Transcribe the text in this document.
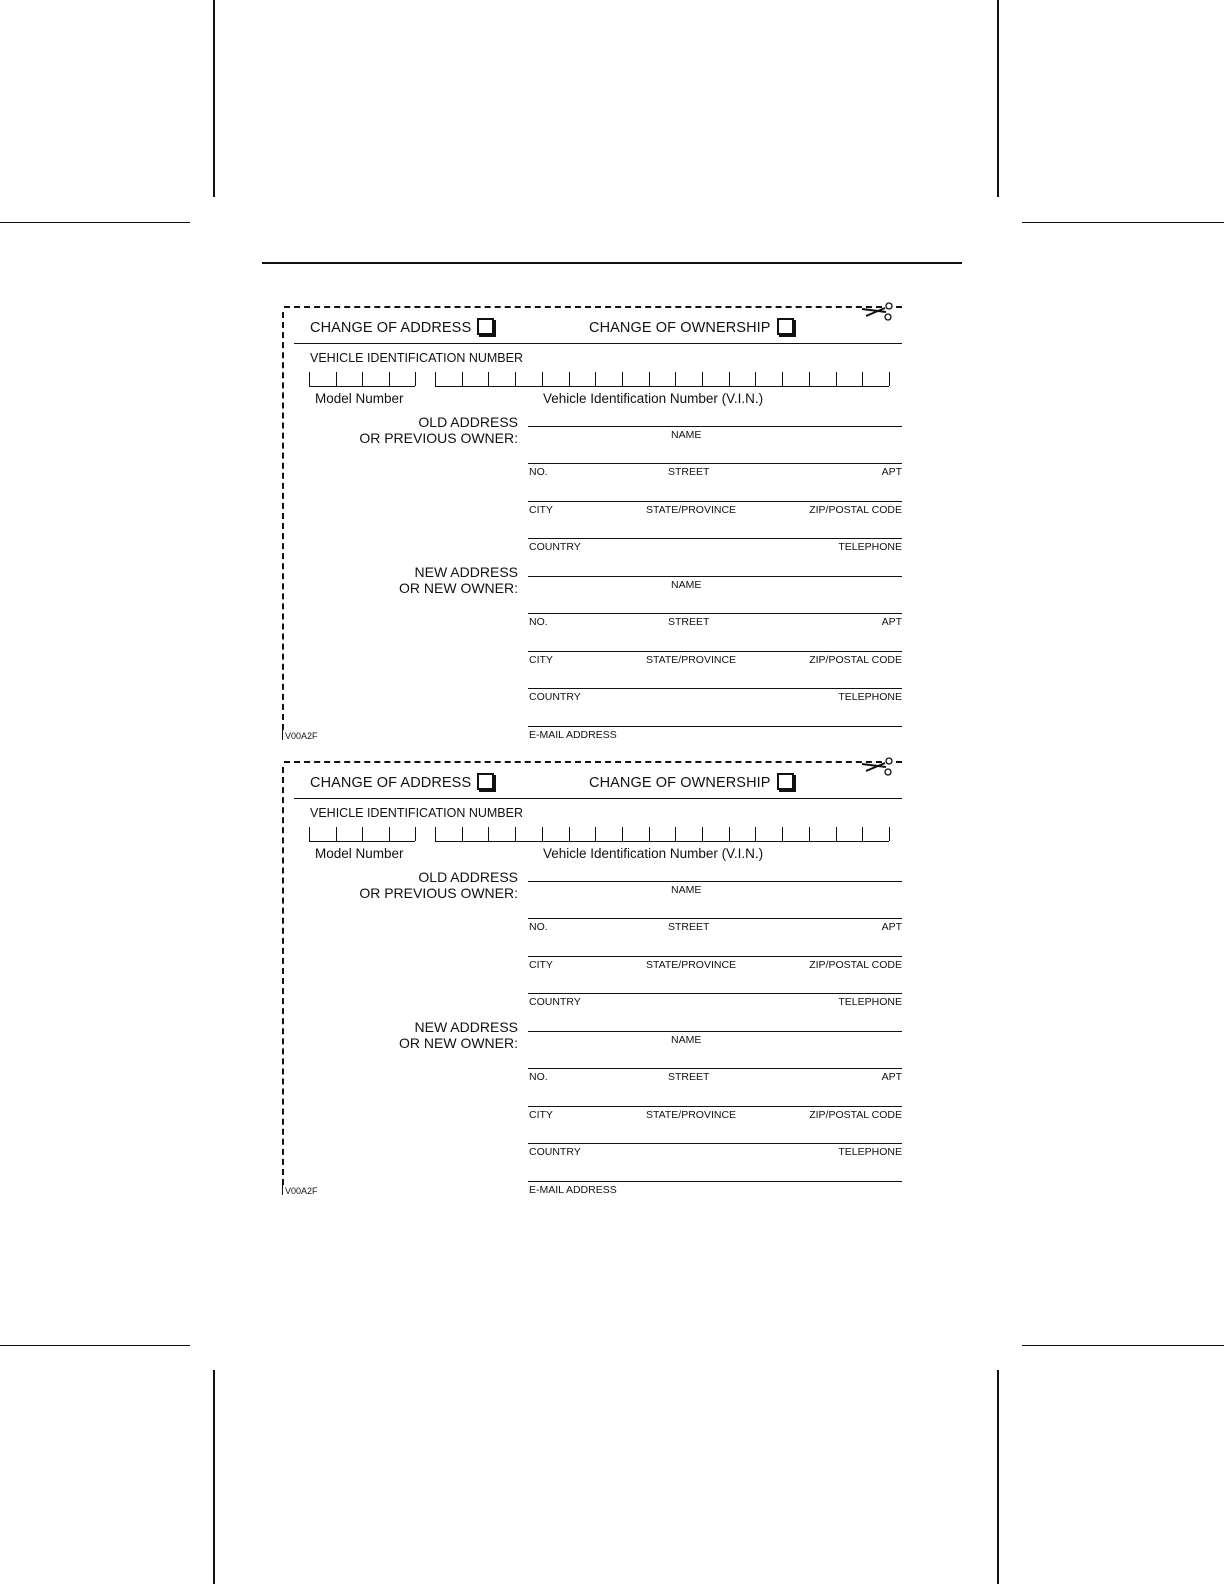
CHANGE OF ADDRESS	CHANGE OF OWNERSHIP
VEHICLE IDENTIFICATION NUMBER
Model Number	Vehicle Identification Number (V.I.N.)
OLD ADDRESS
OR PREVIOUS OWNER:	NAME
NO.	STREET	APT
CITY	STATE/PROVINCE	ZIP/POSTAL CODE
COUNTRY	TELEPHONE
NEW ADDRESS
OR NEW OWNER:	NAME
NO.	STREET	APT
CITY	STATE/PROVINCE	ZIP/POSTAL CODE
COUNTRY	TELEPHONE
E-MAIL ADDRESS
V00A2F
CHANGE OF ADDRESS	CHANGE OF OWNERSHIP
VEHICLE IDENTIFICATION NUMBER
Model Number	Vehicle Identification Number (V.I.N.)
OLD ADDRESS
OR PREVIOUS OWNER:	NAME
NO.	STREET	APT
CITY	STATE/PROVINCE	ZIP/POSTAL CODE
COUNTRY	TELEPHONE
NEW ADDRESS
OR NEW OWNER:	NAME
NO.	STREET	APT
CITY	STATE/PROVINCE	ZIP/POSTAL CODE
COUNTRY	TELEPHONE
E-MAIL ADDRESS
V00A2F
